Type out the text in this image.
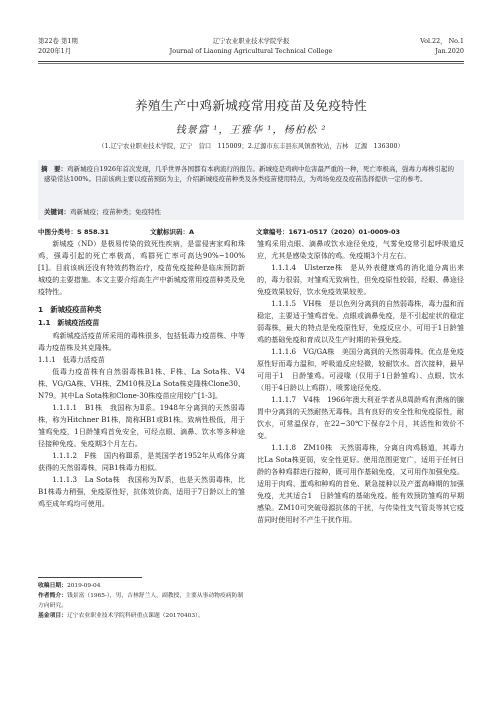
第22卷 第1期
2020年1月
辽宁农业职业技术学院学报
Journal of Liaoning Agricultural Technical College
Vol.22， No.1
Jan.2020
养殖生产中鸡新城疫常用疫苗及免疫特性
钱景富 ¹，王雅华 ¹，杨柏松 ²
（1.辽宁农业职业技术学院，辽宁　营口　115009；2.辽源市东丰县东风镇畜牧站，吉林　辽源　136300）
摘　要：鸡新城疫自1926年首次发现，几乎世界各国都有本病流行的报告。新城疫是鸡病中危害最严重的一种，死亡率极高，强毒力毒株引起的感染常达100%。目前该病主要以疫苗预防为主，介绍新城疫疫苗种类及各类疫苗使用特点，为鸡场免疫及疫苗选择提供一定的参考。
关键词：鸡新城疫；疫苗种类；免疫特性
中图分类号：S 858.31	文献标识码：A	文章编号：1671-0517（2020）01-0009-03

新城疫（ND）是极易传染的致死性疾病，是雷侵害家鸡和珠鸡，强毒引起的死亡率极高，鸡群死亡率可高达90%~100%[1]。目前该病还没有特效药物治疗，疫苗免疫接种是临床预防新城疫的主要措施。本文主要介绍高生产中新城疫常用疫苗种类及免疫特性。

1　新城疫疫苗种类
1.1　新城疫活疫苗

鸡新城疫活疫苗所采用的毒株很多，包括低毒力疫苗株、中等毒力疫苗株及其克隆株。

1.1.1　低毒力活疫苗

低毒力疫苗株有自然弱毒株B1株、F株、La Sota株、V4株、VG/GA株、VH株、ZM10株及La Sota株克隆株Clone30、N79。其中La Sota株和Clone-30株疫苗应用较广[1-3]。

1.1.1.1　B1株　我国称为Ⅱ系。1948年分离到的天然弱毒株，称为Hitchner B1株，简称HB1或B1株。致病性极低，用于雏鸡免疫，1日龄雏鸡首免安全，可经点眼、滴鼻、饮水等多种途径接种免疫。免疫期3个月左右。

1.1.1.2　F株　国内称Ⅲ系，是英国学者1952年从鸡体分离获得的天然弱毒株，同B1株毒力相似。

1.1.1.3　La Sota株　我国称为Ⅳ系，也是天然弱毒株，比B1株毒力稍强，免疫原性好，抗体效价高，适用于7日龄以上的雏鸡至成年鸡均可使用。

雏鸡采用点眼、滴鼻或饮水途径免疫，气雾免疫常引起呼吸道反应，尤其是感染支原体的鸡。免疫期3个月左右。

1.1.1.4　Ulsterze株　是从外表健康鸡的消化道分离出来的，毒力很弱，对雏鸡无致病性，但免疫原性较弱，经眼、鼻途径免疫效果较好，饮水免疫效果较差。

1.1.1.5　VH株　是以色列分离到的自然弱毒株，毒力温和而稳定，主要适于雏鸡首免。点眼或滴鼻免疫，是不引起症状的稳定弱毒株，最大的特点是免疫原性好，免疫反应小，可用于1日龄雏鸡的基础免疫和育成以及生产时期的补强免疫。

1.1.1.6　VG/GA株　美国分离到的天然弱毒株。优点是免疫原性好而毒力温和，呼吸道反应轻微，较耐饮水。首次接种，最早可用于1　日龄雏鸡。可浸喙（仅用于1日龄雏鸡）、点眼、饮水（用于4日龄以上鸡群）、喷雾途径免疫。

1.1.1.7　V4株　1966年澳大利亚学者从8周龄鸡有溃疡的腺胃中分离到的天然耐热无毒株。具有良好的安全性和免疫原性，耐饮水，可常温保存，在22~30℃下保存2个月，其活性和效价不变。

1.1.1.8　ZM10株　天然弱毒株，分离自肉鸡肠道，其毒力比La Sota株更弱，安全性更好。使用范围更宽广，适用于任何日龄的各种鸡群进行接种，既可用作基础免疫，又可用作加强免疫。适用于肉鸡、蛋鸡和种鸡的首免、紧急接种以及产蛋高峰期的加强免疫，尤其适合1　日龄雏鸡的基础免疫。能有效预防雏鸡的早期感染。ZM10可突破母源抗体的干扰，与传染性支气管炎等其它疫苗同时使用时不产生干扰作用。

收稿日期：2019-09-04
作者简介：钱景富（1965-），男，吉林舒兰人，副教授，主要从事动物疫病防制方向研究。
基金项目：辽宁农业职业技术学院科研重点课题（20170403）。
